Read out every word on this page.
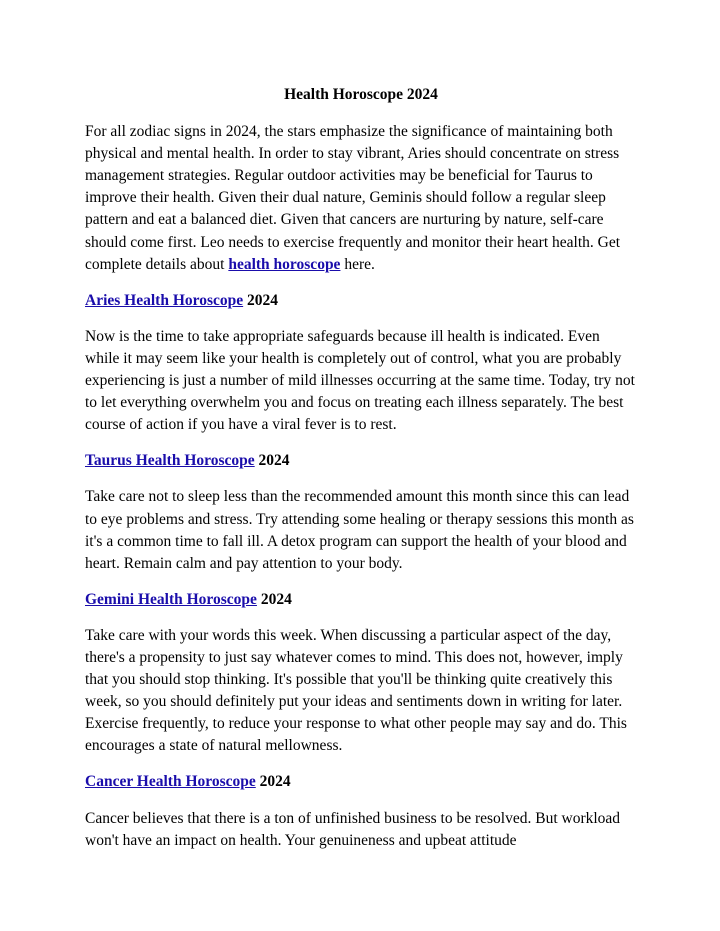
Health Horoscope 2024

For all zodiac signs in 2024, the stars emphasize the significance of maintaining both physical and mental health. In order to stay vibrant, Aries should concentrate on stress management strategies. Regular outdoor activities may be beneficial for Taurus to improve their health. Given their dual nature, Geminis should follow a regular sleep pattern and eat a balanced diet. Given that cancers are nurturing by nature, self-care should come first. Leo needs to exercise frequently and monitor their heart health. Get complete details about health horoscope here.

Aries Health Horoscope 2024

Now is the time to take appropriate safeguards because ill health is indicated. Even while it may seem like your health is completely out of control, what you are probably experiencing is just a number of mild illnesses occurring at the same time. Today, try not to let everything overwhelm you and focus on treating each illness separately. The best course of action if you have a viral fever is to rest.

Taurus Health Horoscope 2024

Take care not to sleep less than the recommended amount this month since this can lead to eye problems and stress. Try attending some healing or therapy sessions this month as it's a common time to fall ill. A detox program can support the health of your blood and heart. Remain calm and pay attention to your body.

Gemini Health Horoscope 2024

Take care with your words this week. When discussing a particular aspect of the day, there's a propensity to just say whatever comes to mind. This does not, however, imply that you should stop thinking. It's possible that you'll be thinking quite creatively this week, so you should definitely put your ideas and sentiments down in writing for later. Exercise frequently, to reduce your response to what other people may say and do. This encourages a state of natural mellowness.

Cancer Health Horoscope 2024

Cancer believes that there is a ton of unfinished business to be resolved. But workload won't have an impact on health. Your genuineness and upbeat attitude
